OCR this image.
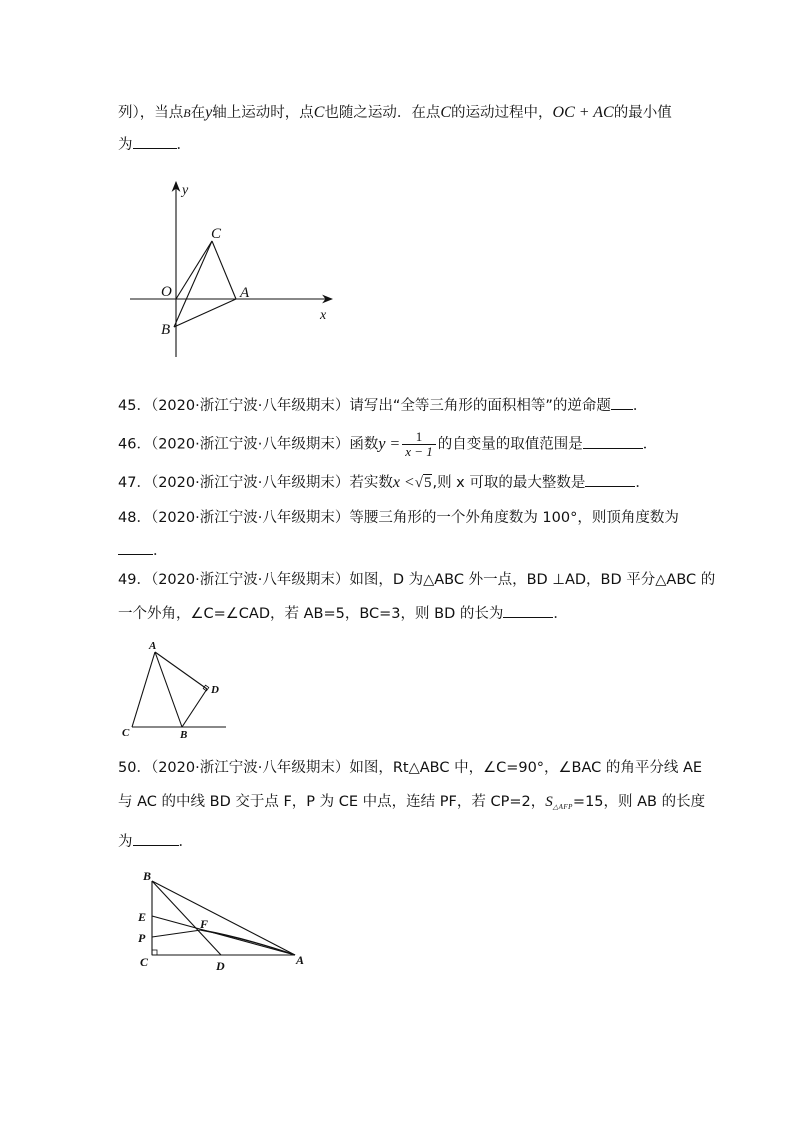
列），当点B在y轴上运动时，点C也随之运动．在点C的运动过程中，OC + AC的最小值
为	．
y
C
O	A
x
B
45．（2020·浙江宁波·八年级期末）请写出“全等三角形的面积相等”的逆命题 ．
46．（2020·浙江宁波·八年级期末）函数$y = \frac{1}{x - 1}$ 的自变量的取值范围是	．
47．（2020·浙江宁波·八年级期末）若实数x <√5,则 x 可取的最大整数是	．
48．（2020·浙江宁波·八年级期末）等腰三角形的一个外角度数为 100°，则顶角度数为
．
49．（2020·浙江宁波·八年级期末）如图，D 为△ABC 外一点，BD ⊥AD，BD 平分△ABC 的
一个外角，∠C=∠CAD，若 AB=5，BC=3，则 BD 的长为	．
A
D
C	B
50．（2020·浙江宁波·八年级期末）如图，Rt△ABC 中，∠C=90°，∠BAC 的角平分线 AE
与 AC 的中线 BD 交于点 F，P 为 CE 中点，连结 PF，若 CP=2，$S_{\triangle AFP}=15$，则 AB 的长度
为	．
B
E	F
P
C	D	A
